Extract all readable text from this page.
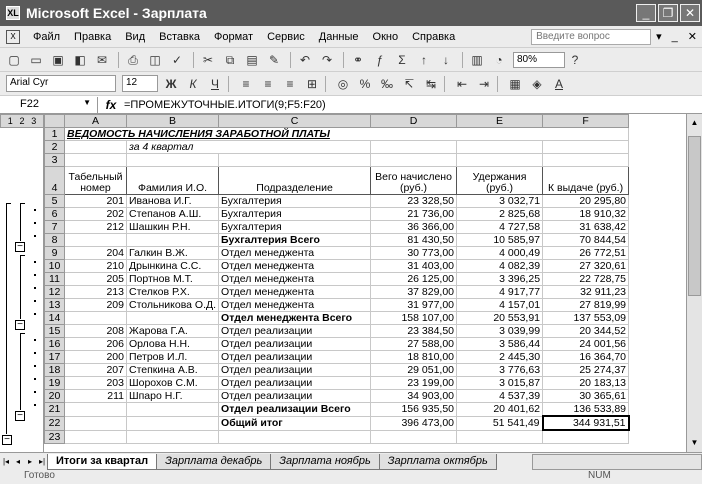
XL Microsoft Excel - Зарплата	_	❐ ✕
X	Файл	Правка	Вид	Вставка	Формат	Сервис	Данные	Окно	Справка
Введите вопрос	▾ _ ✕
▢ ▭ ▣ ◧ ✉	⎙ ◫ ✓	✂	⧉	▤ ✎	↶ ↷	⚭	ƒ	Σ	↑	↓	▥	◔	80%	?
Arial Cyr	12	Ж	К	Ч	≡	≡	≡	⊞	◎ % ‰ ↸ ↹	⇤ ⇥	▦ ◈	A
F22	▼	fx =ПРОМЕЖУТОЧНЫЕ.ИТОГИ(9;F5:F20)
1 2 3
−
−
−
−
	A	B	C	D	E	F
1	ВЕДОМОСТЬ НАЧИСЛЕНИЯ ЗАРАБОТНОЙ ПЛАТЫ					
2		за 4 квартал				
3						
4	Табельный номер	Фамилия И.О.	Подразделение	Вего начислено (руб.)	Удержания (руб.)	К выдаче (руб.)
5	201	Иванова И.Г.	Бухгалтерия	23 328,50	3 032,71	20 295,80
6	202	Степанов А.Ш.	Бухгалтерия	21 736,00	2 825,68	18 910,32
7	212	Шашкин Р.Н.	Бухгалтерия	36 366,00	4 727,58	31 638,42
8			Бухгалтерия Всего	81 430,50	10 585,97	70 844,54
9	204	Галкин В.Ж.	Отдел менеджента	30 773,00	4 000,49	26 772,51
10	210	Дрынкина С.С.	Отдел менеджента	31 403,00	4 082,39	27 320,61
11	205	Портнов М.Т.	Отдел менеджента	26 125,00	3 396,25	22 728,75
12	213	Стелков Р.Х.	Отдел менеджента	37 829,00	4 917,77	32 911,23
13	209	Стольникова О.Д.	Отдел менеджента	31 977,00	4 157,01	27 819,99
14			Отдел менеджента Всего	158 107,00	20 553,91	137 553,09
15	208	Жарова Г.А.	Отдел реализации	23 384,50	3 039,99	20 344,52
16	206	Орлова Н.Н.	Отдел реализации	27 588,00	3 586,44	24 001,56
17	200	Петров И.Л.	Отдел реализации	18 810,00	2 445,30	16 364,70
18	207	Степкина А.В.	Отдел реализации	29 051,00	3 776,63	25 274,37
19	203	Шорохов С.М.	Отдел реализации	23 199,00	3 015,87	20 183,13
20	211	Шпаро Н.Г.	Отдел реализации	34 903,00	4 537,39	30 365,61
21			Отдел реализации Всего	156 935,50	20 401,62	136 533,89
22			Общий итог	396 473,00	51 541,49	344 931,51
23						
▲
▼
|◂ ◂ ▸ ▸| Итоги за квартал	Зарплата декабрь	Зарплата ноябрь	Зарплата октябрь
Готово	NUM
